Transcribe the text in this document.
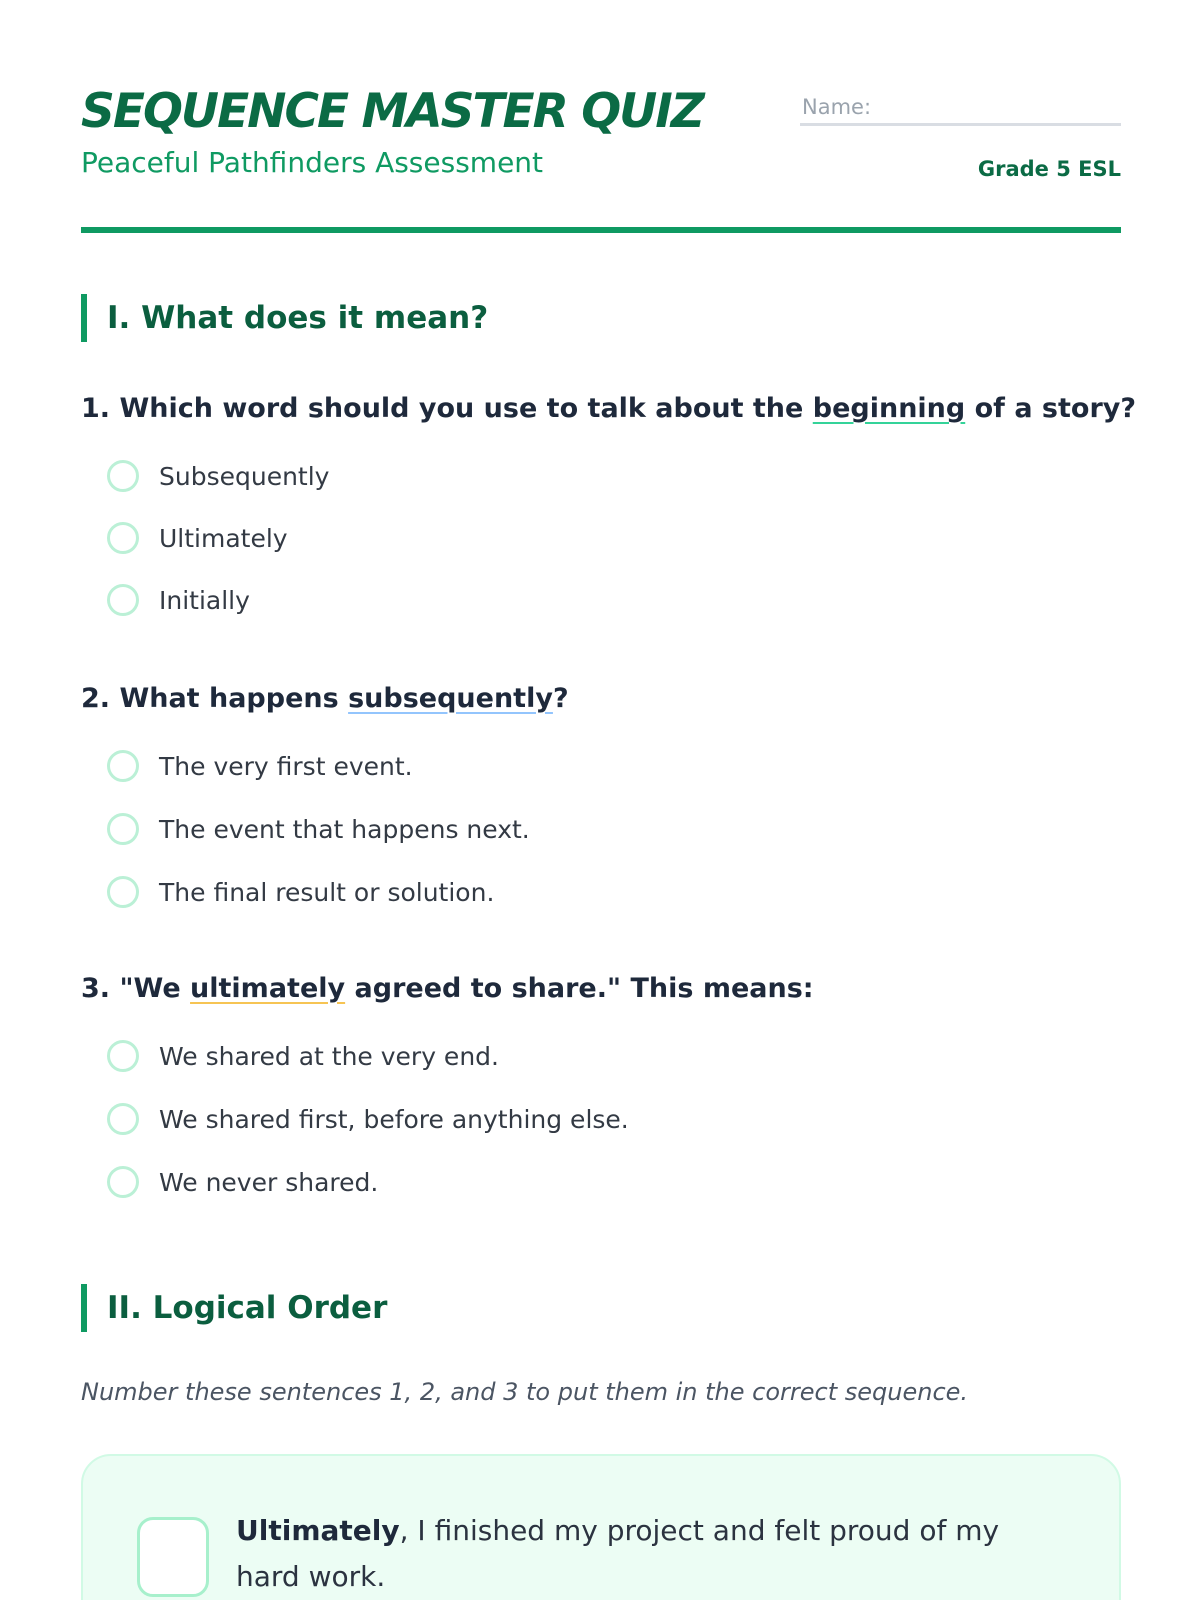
SEQUENCE MASTER QUIZ
Peaceful Pathfinders Assessment
Name:
Grade 5 ESL
I. What does it mean?
1. Which word should you use to talk about the beginning of a story?
Subsequently
Ultimately
Initially
2. What happens subsequently?
The very first event.
The event that happens next.
The final result or solution.
3. "We ultimately agreed to share." This means:
We shared at the very end.
We shared first, before anything else.
We never shared.
II. Logical Order
Number these sentences 1, 2, and 3 to put them in the correct sequence.
Ultimately, I finished my project and felt proud of my hard work.
